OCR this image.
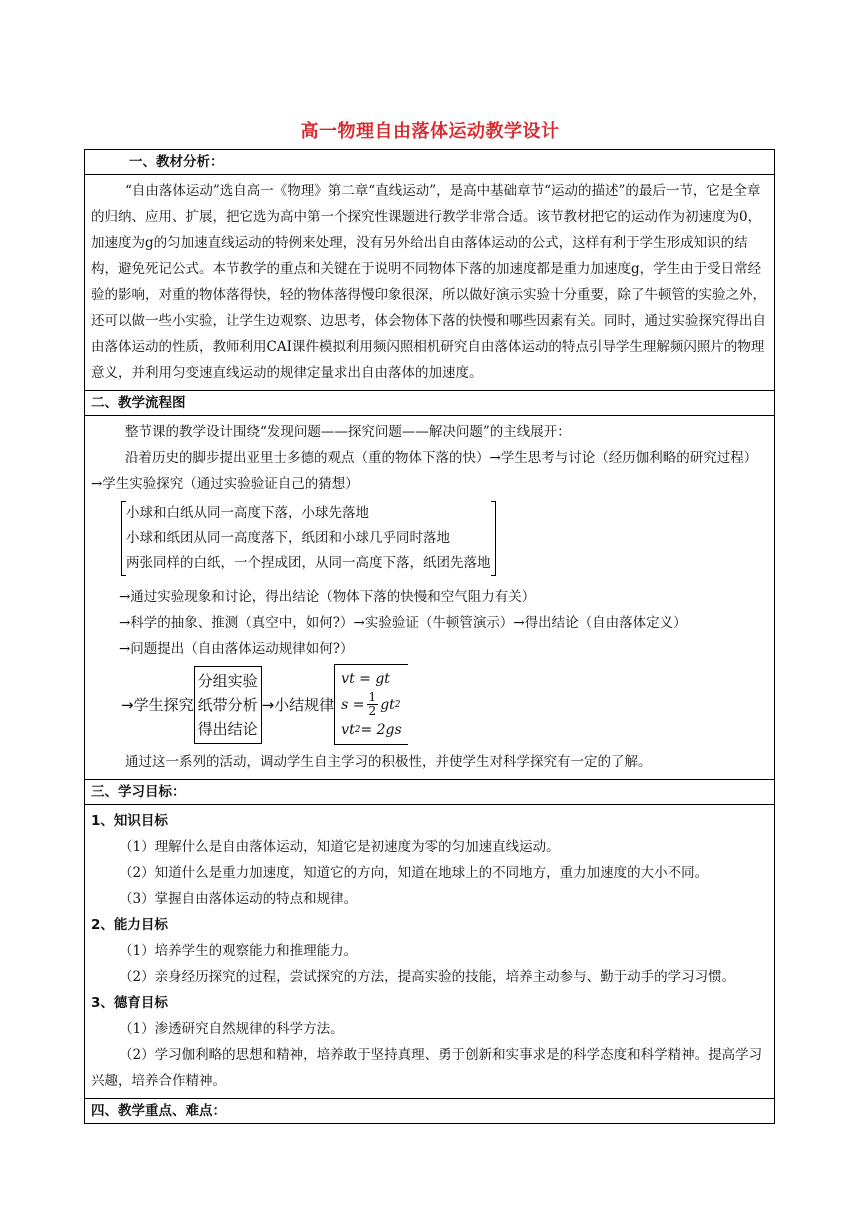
高一物理自由落体运动教学设计
一、教材分析：

“自由落体运动”选自高一《物理》第二章“直线运动”，是高中基础章节“运动的描述”的最后一节，它是全章的归纳、应用、扩展，把它选为高中第一个探究性课题进行教学非常合适。该节教材把它的运动作为初速度为0，加速度为g的匀加速直线运动的特例来处理，没有另外给出自由落体运动的公式，这样有利于学生形成知识的结构，避免死记公式。本节教学的重点和关键在于说明不同物体下落的加速度都是重力加速度g，学生由于受日常经验的影响，对重的物体落得快，轻的物体落得慢印象很深，所以做好演示实验十分重要，除了牛顿管的实验之外，还可以做一些小实验，让学生边观察、边思考，体会物体下落的快慢和哪些因素有关。同时，通过实验探究得出自由落体运动的性质，教师利用CAI课件模拟利用频闪照相机研究自由落体运动的特点引导学生理解频闪照片的物理意义，并利用匀变速直线运动的规律定量求出自由落体的加速度。

二、教学流程图

整节课的教学设计围绕“发现问题——探究问题——解决问题”的主线展开：

沿着历史的脚步提出亚里士多德的观点（重的物体下落的快）→学生思考与讨论（经历伽利略的研究过程）→学生实验探究（通过实验验证自己的猜想）

小球和白纸从同一高度下落，小球先落地

小球和纸团从同一高度落下，纸团和小球几乎同时落地

两张同样的白纸，一个捏成团，从同一高度下落，纸团先落地

→通过实验现象和讨论，得出结论（物体下落的快慢和空气阻力有关）

→科学的抽象、推测（真空中，如何?）→实验验证（牛顿管演示）→得出结论（自由落体定义）

→问题提出（自由落体运动规律如何?）

→学生探究
分组实验
纸带分析
得出结论
→小结规律
vt = gt
$s = \frac{1}{2}$ gt 2
vt 2 = 2gs

通过这一系列的活动，调动学生自主学习的积极性，并使学生对科学探究有一定的了解。

三、学习目标：

1、知识目标

（1）理解什么是自由落体运动，知道它是初速度为零的匀加速直线运动。

（2）知道什么是重力加速度，知道它的方向，知道在地球上的不同地方，重力加速度的大小不同。

（3）掌握自由落体运动的特点和规律。

2、能力目标

（1）培养学生的观察能力和推理能力。

（2）亲身经历探究的过程，尝试探究的方法，提高实验的技能，培养主动参与、勤于动手的学习习惯。

3、德育目标

（1）渗透研究自然规律的科学方法。

（2）学习伽利略的思想和精神，培养敢于坚持真理、勇于创新和实事求是的科学态度和科学精神。提高学习兴趣，培养合作精神。

四、教学重点、难点：
